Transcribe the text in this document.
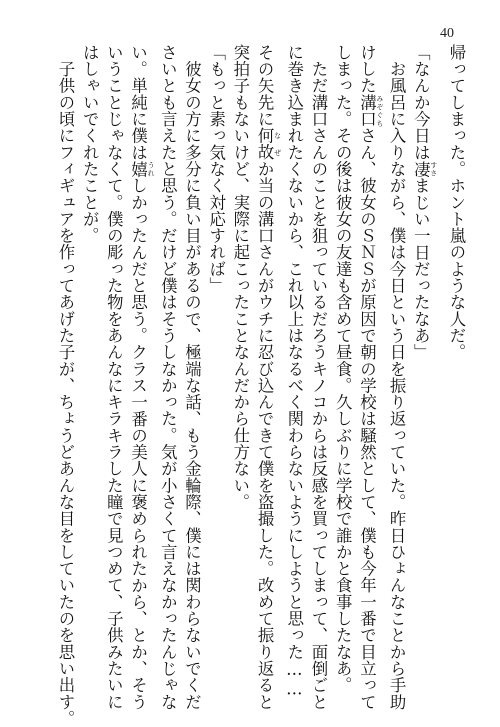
40
帰ってしまった。ホント嵐のような人だ。
「なんか今日は凄 すさまじい一日だったなあ」
　お風呂に入りながら、僕は今日という日を振り返っていた。昨日ひょんなことから手助
けした溝口 みぞぐちさん、彼女のＳＮＳが原因で朝の学校は騒然として、僕も今年一番で目立って
しまった。その後は彼女の友達も含めて昼食。久しぶりに学校で誰かと食事したなあ。
　ただ溝口さんのことを狙っているだろうキノコからは反感を買ってしまって、面倒ごと
に巻き込まれたくないから、これ以上はなるべく関わらないようにしようと思った……
その矢先に何故 なぜか当の溝口さんがウチに忍び込んできて僕を盗撮した。改めて振り返ると
突拍子もないけど、実際に起こったことなんだから仕方ない。
「もっと素っ気なく対応すれば」
　彼女の方に多分に負い目があるので、極端な話、もう金輪際、僕には関わらないでくだ
さいとも言えたと思う。だけど僕はそうしなかった。気が小さくて言えなかったんじゃな
い。単純に僕は嬉 うれしかったんだと思う。クラス一番の美人に褒められたから、とか、そう
いうことじゃなくて。僕の彫った物をあんなにキラキラした瞳で見つめて、子供みたいに
はしゃいでくれたことが。
　子供の頃にフィギュアを作ってあげた子が、ちょうどあんな目をしていたのを思い出す。
